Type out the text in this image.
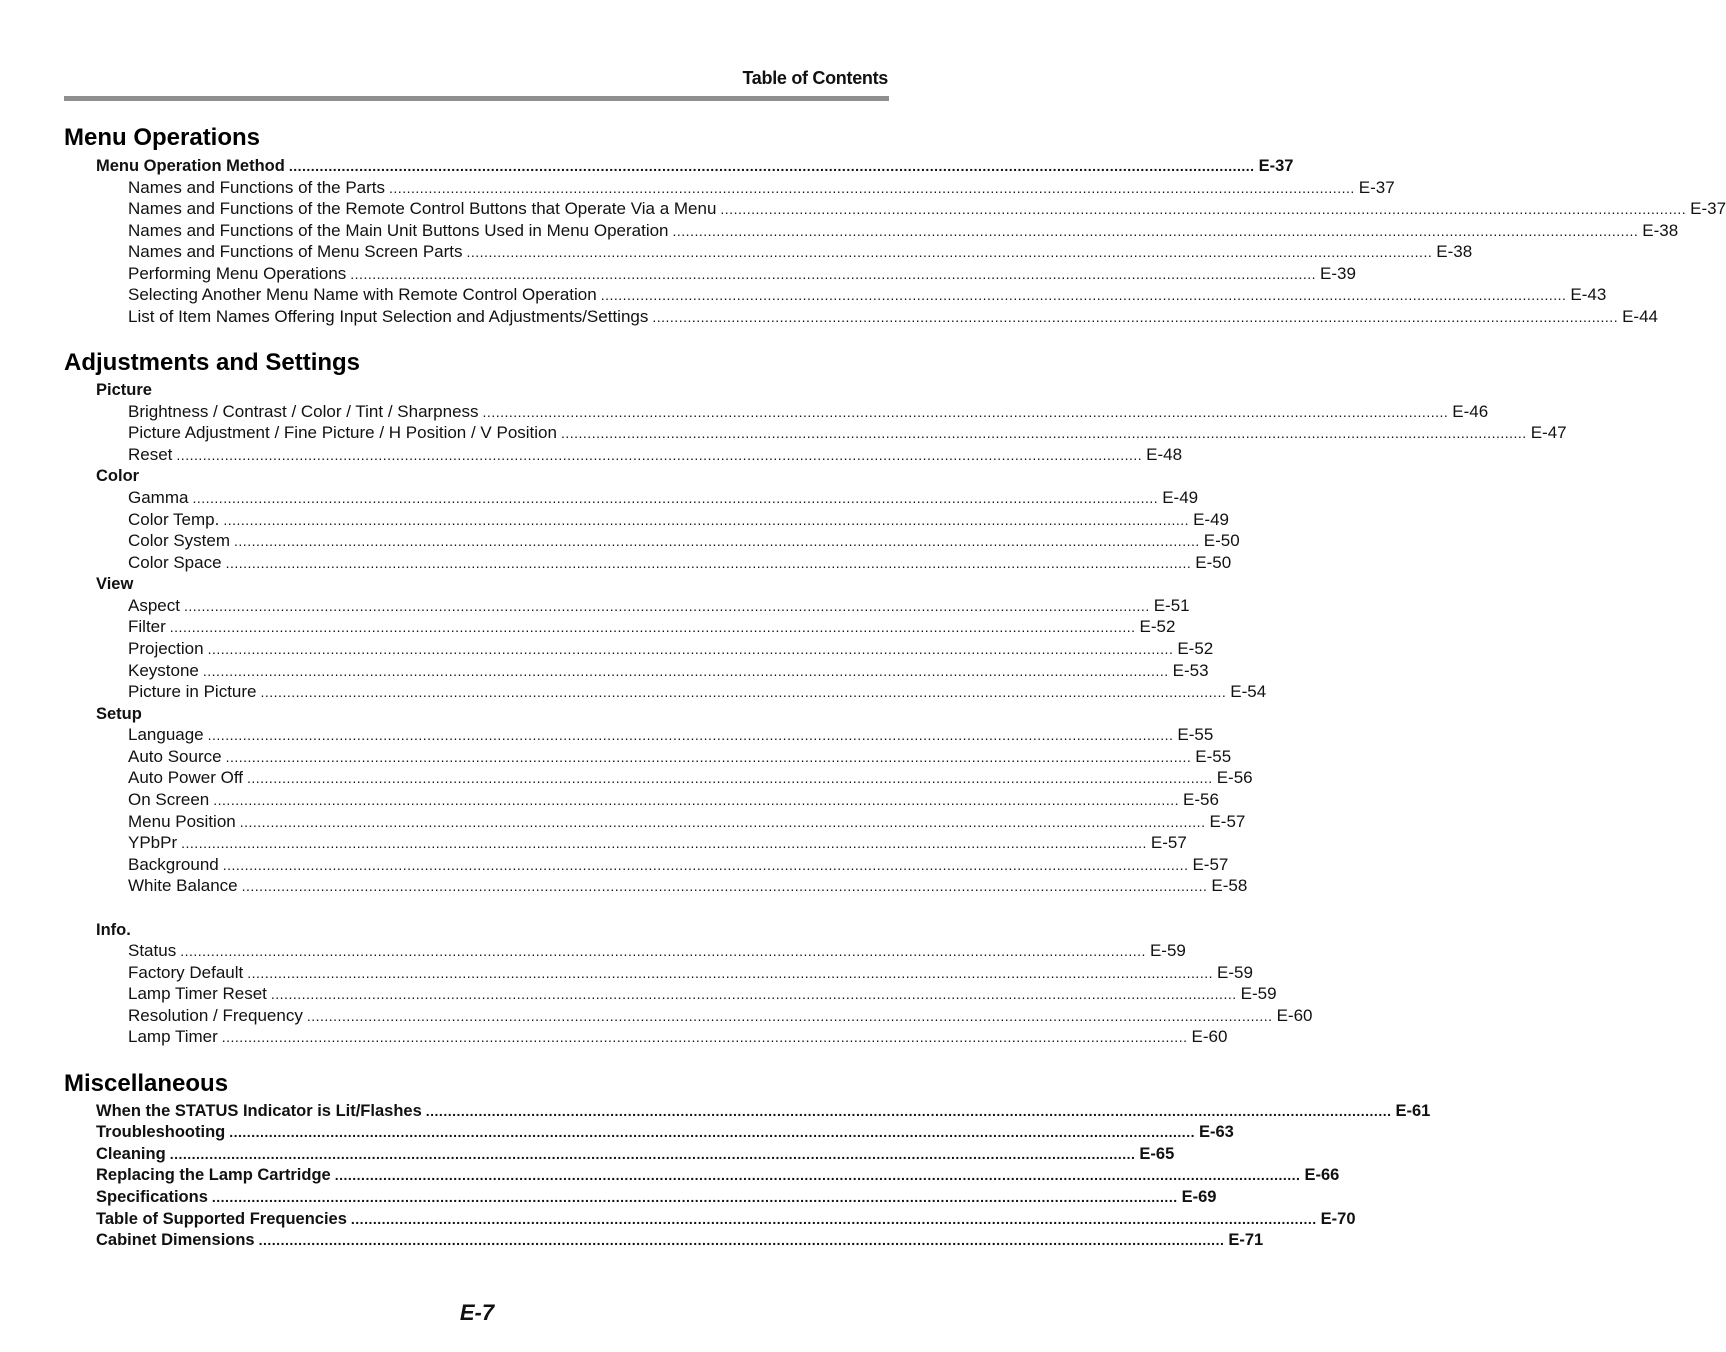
Table of Contents
Menu Operations
Adjustments and Settings
Miscellaneous
Picture
Color
View
Setup
Info.
Menu Operation Method ............................................................................................................................................................................................................................ E-37
Names and Functions of the Parts ............................................................................................................................................................................................................................ E-37
Names and Functions of the Remote Control Buttons that Operate Via a Menu ............................................................................................................................................................................................................................ E-37
Names and Functions of the Main Unit Buttons Used in Menu Operation ............................................................................................................................................................................................................................ E-38
Names and Functions of Menu Screen Parts ............................................................................................................................................................................................................................ E-38
Performing Menu Operations ............................................................................................................................................................................................................................ E-39
Selecting Another Menu Name with Remote Control Operation ............................................................................................................................................................................................................................ E-43
List of Item Names Offering Input Selection and Adjustments/Settings ............................................................................................................................................................................................................................ E-44
Brightness / Contrast / Color / Tint / Sharpness ............................................................................................................................................................................................................................ E-46
Picture Adjustment / Fine Picture / H Position / V Position ............................................................................................................................................................................................................................ E-47
Reset ............................................................................................................................................................................................................................ E-48
Gamma ............................................................................................................................................................................................................................ E-49
Color Temp. ............................................................................................................................................................................................................................ E-49
Color System ............................................................................................................................................................................................................................ E-50
Color Space ............................................................................................................................................................................................................................ E-50
Aspect ............................................................................................................................................................................................................................ E-51
Filter ............................................................................................................................................................................................................................ E-52
Projection ............................................................................................................................................................................................................................ E-52
Keystone ............................................................................................................................................................................................................................ E-53
Picture in Picture ............................................................................................................................................................................................................................ E-54
Language ............................................................................................................................................................................................................................ E-55
Auto Source ............................................................................................................................................................................................................................ E-55
Auto Power Off ............................................................................................................................................................................................................................ E-56
On Screen ............................................................................................................................................................................................................................ E-56
Menu Position ............................................................................................................................................................................................................................ E-57
YPbPr ............................................................................................................................................................................................................................ E-57
Background ............................................................................................................................................................................................................................ E-57
White Balance ............................................................................................................................................................................................................................ E-58
Status ............................................................................................................................................................................................................................ E-59
Factory Default ............................................................................................................................................................................................................................ E-59
Lamp Timer Reset ............................................................................................................................................................................................................................ E-59
Resolution / Frequency ............................................................................................................................................................................................................................ E-60
Lamp Timer ............................................................................................................................................................................................................................ E-60
When the STATUS Indicator is Lit/Flashes ............................................................................................................................................................................................................................ E-61
Troubleshooting ............................................................................................................................................................................................................................ E-63
Cleaning ............................................................................................................................................................................................................................ E-65
Replacing the Lamp Cartridge ............................................................................................................................................................................................................................ E-66
Specifications ............................................................................................................................................................................................................................ E-69
Table of Supported Frequencies ............................................................................................................................................................................................................................ E-70
Cabinet Dimensions ............................................................................................................................................................................................................................ E-71
E-7
